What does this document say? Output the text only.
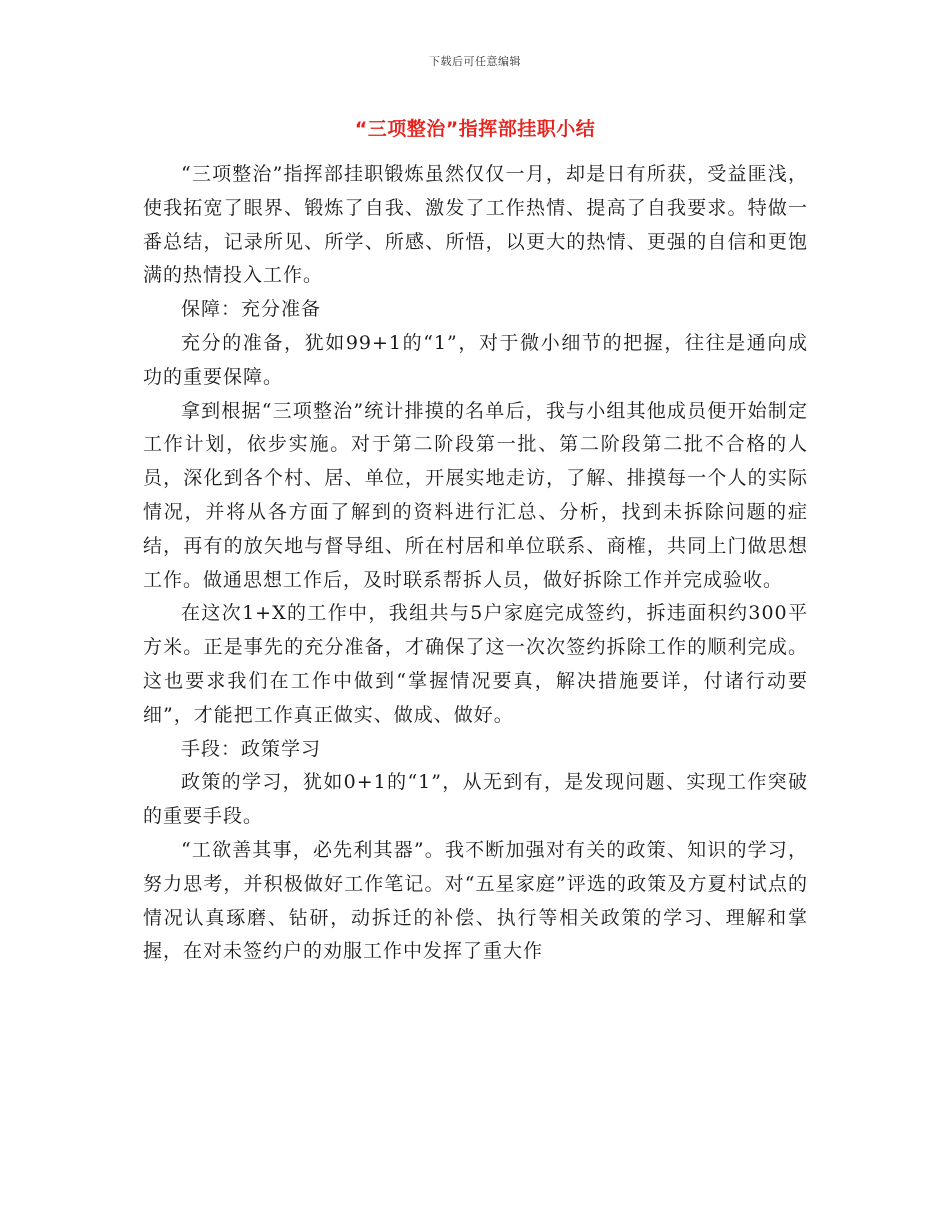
下载后可任意编辑
“三项整治”指挥部挂职小结

“三项整治”指挥部挂职锻炼虽然仅仅一月，却是日有所获，受益匪浅，使我拓宽了眼界、锻炼了自我、激发了工作热情、提高了自我要求。特做一番总结，记录所见、所学、所感、所悟，以更大的热情、更强的自信和更饱满的热情投入工作。

保障：充分准备

充分的准备，犹如99+1的“1”，对于微小细节的把握，往往是通向成功的重要保障。

拿到根据“三项整治”统计排摸的名单后，我与小组其他成员便开始制定工作计划，依步实施。对于第二阶段第一批、第二阶段第二批不合格的人员，深化到各个村、居、单位，开展实地走访，了解、排摸每一个人的实际情况，并将从各方面了解到的资料进行汇总、分析，找到未拆除问题的症结，再有的放矢地与督导组、所在村居和单位联系、商榷，共同上门做思想工作。做通思想工作后，及时联系帮拆人员，做好拆除工作并完成验收。

在这次1+X的工作中，我组共与5户家庭完成签约，拆违面积约300平方米。正是事先的充分准备，才确保了这一次次签约拆除工作的顺利完成。这也要求我们在工作中做到“掌握情况要真，解决措施要详，付诸行动要细”，才能把工作真正做实、做成、做好。

手段：政策学习

政策的学习，犹如0+1的“1”，从无到有，是发现问题、实现工作突破的重要手段。

“工欲善其事，必先利其器”。我不断加强对有关的政策、知识的学习，努力思考，并积极做好工作笔记。对“五星家庭”评选的政策及方夏村试点的情况认真琢磨、钻研，动拆迁的补偿、执行等相关政策的学习、理解和掌握，在对未签约户的劝服工作中发挥了重大作
